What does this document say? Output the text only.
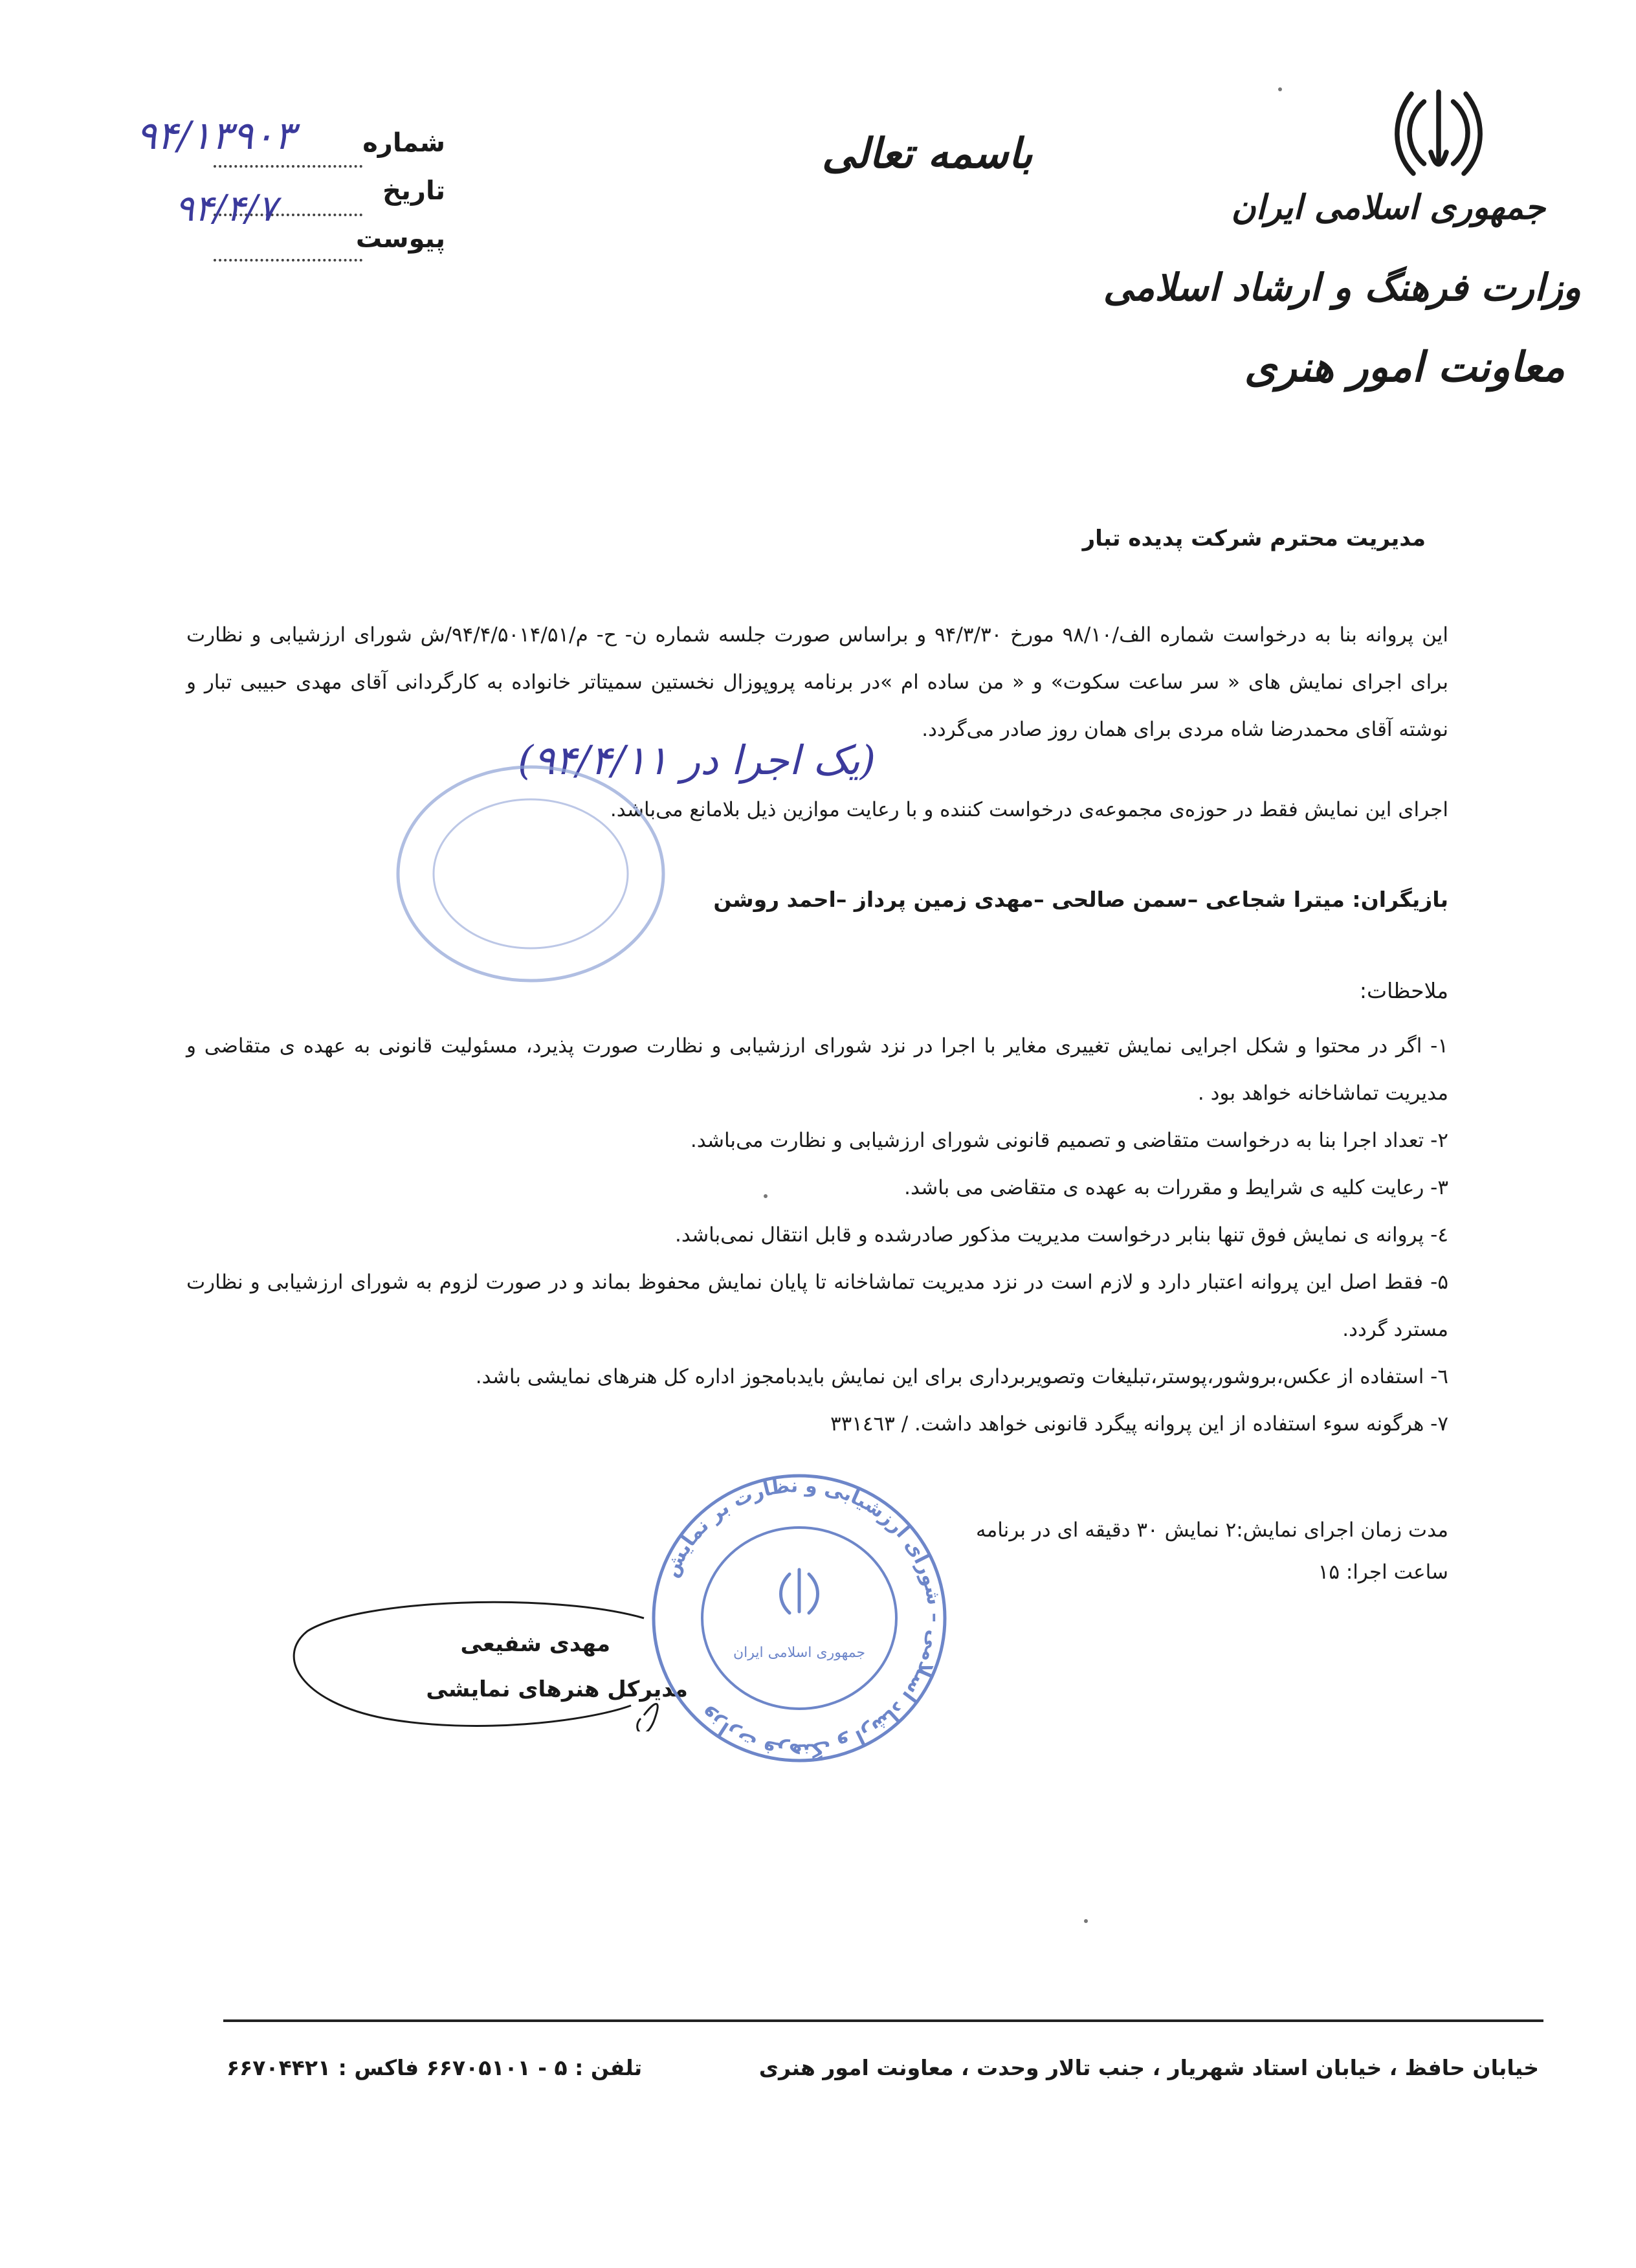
جمهوری اسلامی ایران
وزارت فرهنگ و ارشاد اسلامی
معاونت امور هنری
باسمه تعالی
شماره
تاریخ
پیوست
۹۴/۱۳۹۰۳
۹۴/۴/۷
مدیریت محترم شرکت پدیده تبار
این پروانه بنا به درخواست شماره الف/۹۸/۱۰ مورخ ۹۴/۳/۳۰ و براساس صورت جلسه شماره ن- ح- م/۹۴/۴/۵۰۱۴/۵۱/ش شورای ارزشیابی و نظارت برای اجرای نمایش های « سر ساعت سکوت» و « من ساده ام »در برنامه پروپوزال نخستین سمیتاتر خانواده به کارگردانی آقای مهدی حبیبی تبار و نوشته آقای محمدرضا شاه مردی برای همان روز صادر می‌گردد.
(یک اجرا در ۹۴/۴/۱۱)
اجرای این نمایش فقط در حوزه‌ی مجموعه‌ی درخواست کننده و با رعایت موازین ذیل بلامانع می‌باشد.
بازیگران: میترا شجاعی –سمن صالحی –مهدی زمین پرداز –احمد روشن
ملاحظات:
۱- اگر در محتوا و شکل اجرایی نمایش تغییری مغایر با اجرا در نزد شورای ارزشیابی و نظارت صورت پذیرد، مسئولیت قانونی به عهده ی متقاضی و مدیریت تماشاخانه خواهد بود .
۲- تعداد اجرا بنا به درخواست متقاضی و تصمیم قانونی شورای ارزشیابی و نظارت می‌باشد.
۳- رعایت کلیه ی شرایط و مقررات به عهده ی متقاضی می باشد.
٤- پروانه ی نمایش فوق تنها بنابر درخواست مدیریت مذکور صادرشده و قابل انتقال نمی‌باشد.
۵- فقط اصل این پروانه اعتبار دارد و لازم است در نزد مدیریت تماشاخانه تا پایان نمایش محفوظ بماند و در صورت لزوم به شورای ارزشیابی و نظارت مسترد گردد.
٦- استفاده از عکس،بروشور،پوستر،تبلیغات وتصویربرداری برای این نمایش بایدبامجوز اداره کل هنرهای نمایشی باشد.
۷- هرگونه سوء استفاده از این پروانه پیگرد قانونی خواهد داشت. / ۳۳۱٤٦۳
مدت زمان اجرای نمایش:۲ نمایش ۳۰ دقیقه ای در برنامه
ساعت اجرا: ۱۵
مهدی شفیعی
مدیرکل هنرهای نمایشی
وزارت فرهنگ و ارشاد اسلامی – شورای ارزشیابی و نظارت بر نمایش
جمهوری اسلامی ایران
خیابان حافظ ، خیابان استاد شهریار ، جنب تالار وحدت ، معاونت امور هنری
تلفن : ۵ - ۶۶۷۰۵۱۰۱ فاکس : ۶۶۷۰۴۴۲۱
